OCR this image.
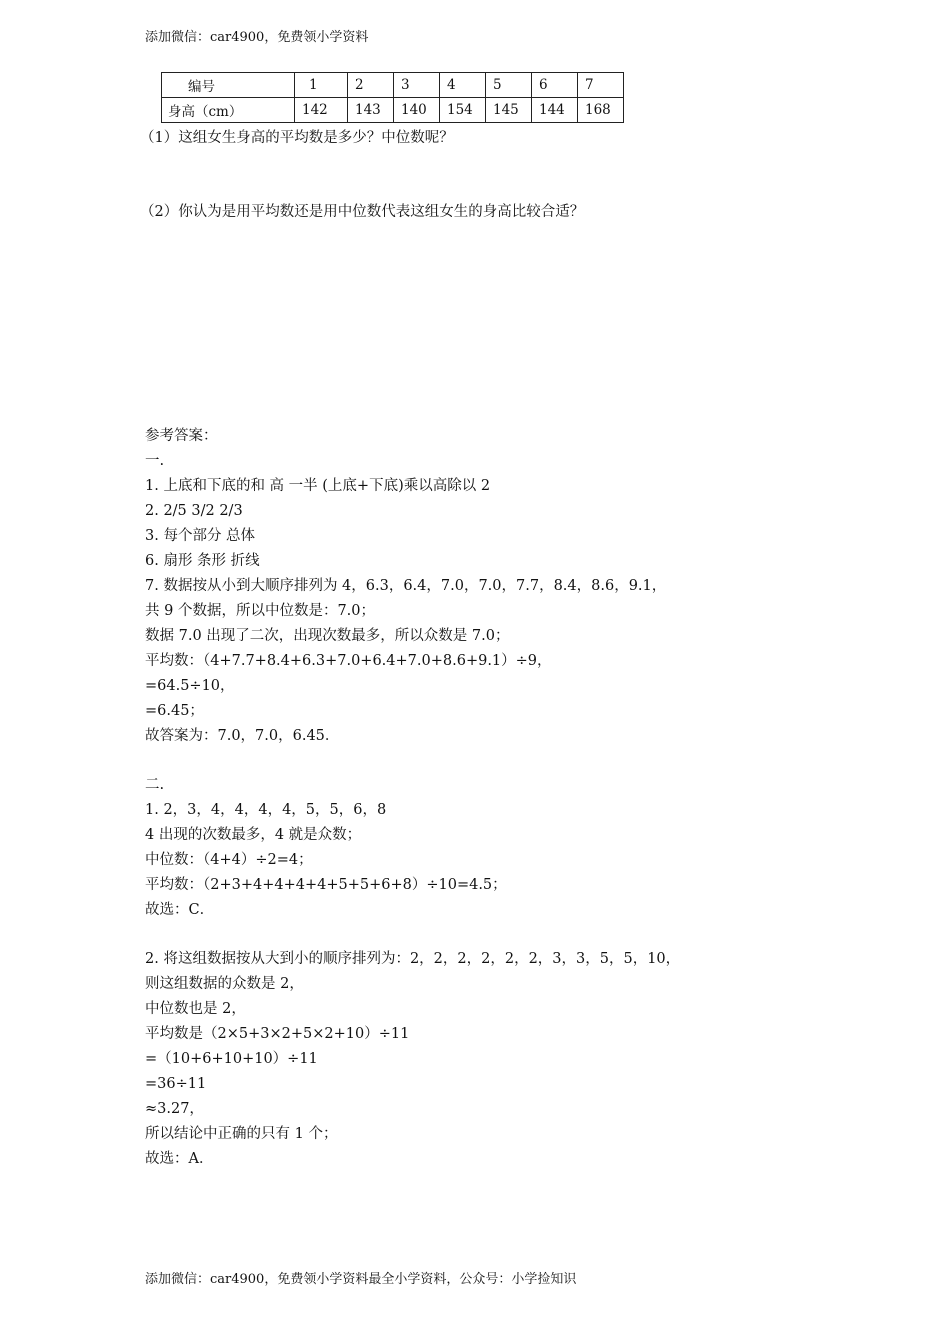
添加微信：car4900，免费领小学资料
编号	1	2	3	4	5	6	7
身高（cm）	142	143	140	154	145	144	168
（1）这组女生身高的平均数是多少？中位数呢？
（2）你认为是用平均数还是用中位数代表这组女生的身高比较合适？
参考答案：
一.
1. 上底和下底的和 高 一半 (上底+下底)乘以高除以 2
2. 2/5 3/2 2/3
3. 每个部分 总体
6. 扇形 条形 折线
7. 数据按从小到大顺序排列为 4，6.3，6.4，7.0，7.0，7.7，8.4，8.6，9.1，
共 9 个数据，所以中位数是：7.0；
数据 7.0 出现了二次，出现次数最多，所以众数是 7.0；
平均数：（4+7.7+8.4+6.3+7.0+6.4+7.0+8.6+9.1）÷9，
=64.5÷10，
=6.45；
故答案为：7.0，7.0，6.45．
二.
1. 2，3，4，4，4，4，5，5，6，8
4 出现的次数最多，4 就是众数；
中位数：（4+4）÷2=4；
平均数：（2+3+4+4+4+4+5+5+6+8）÷10=4.5；
故选：C．
2. 将这组数据按从大到小的顺序排列为：2，2，2，2，2，2，3，3，5，5，10，
则这组数据的众数是 2，
中位数也是 2，
平均数是（2×5+3×2+5×2+10）÷11
=（10+6+10+10）÷11
=36÷11
≈3.27，
所以结论中正确的只有 1 个；
故选：A．
添加微信：car4900，免费领小学资料最全小学资料，公众号：小学捡知识
